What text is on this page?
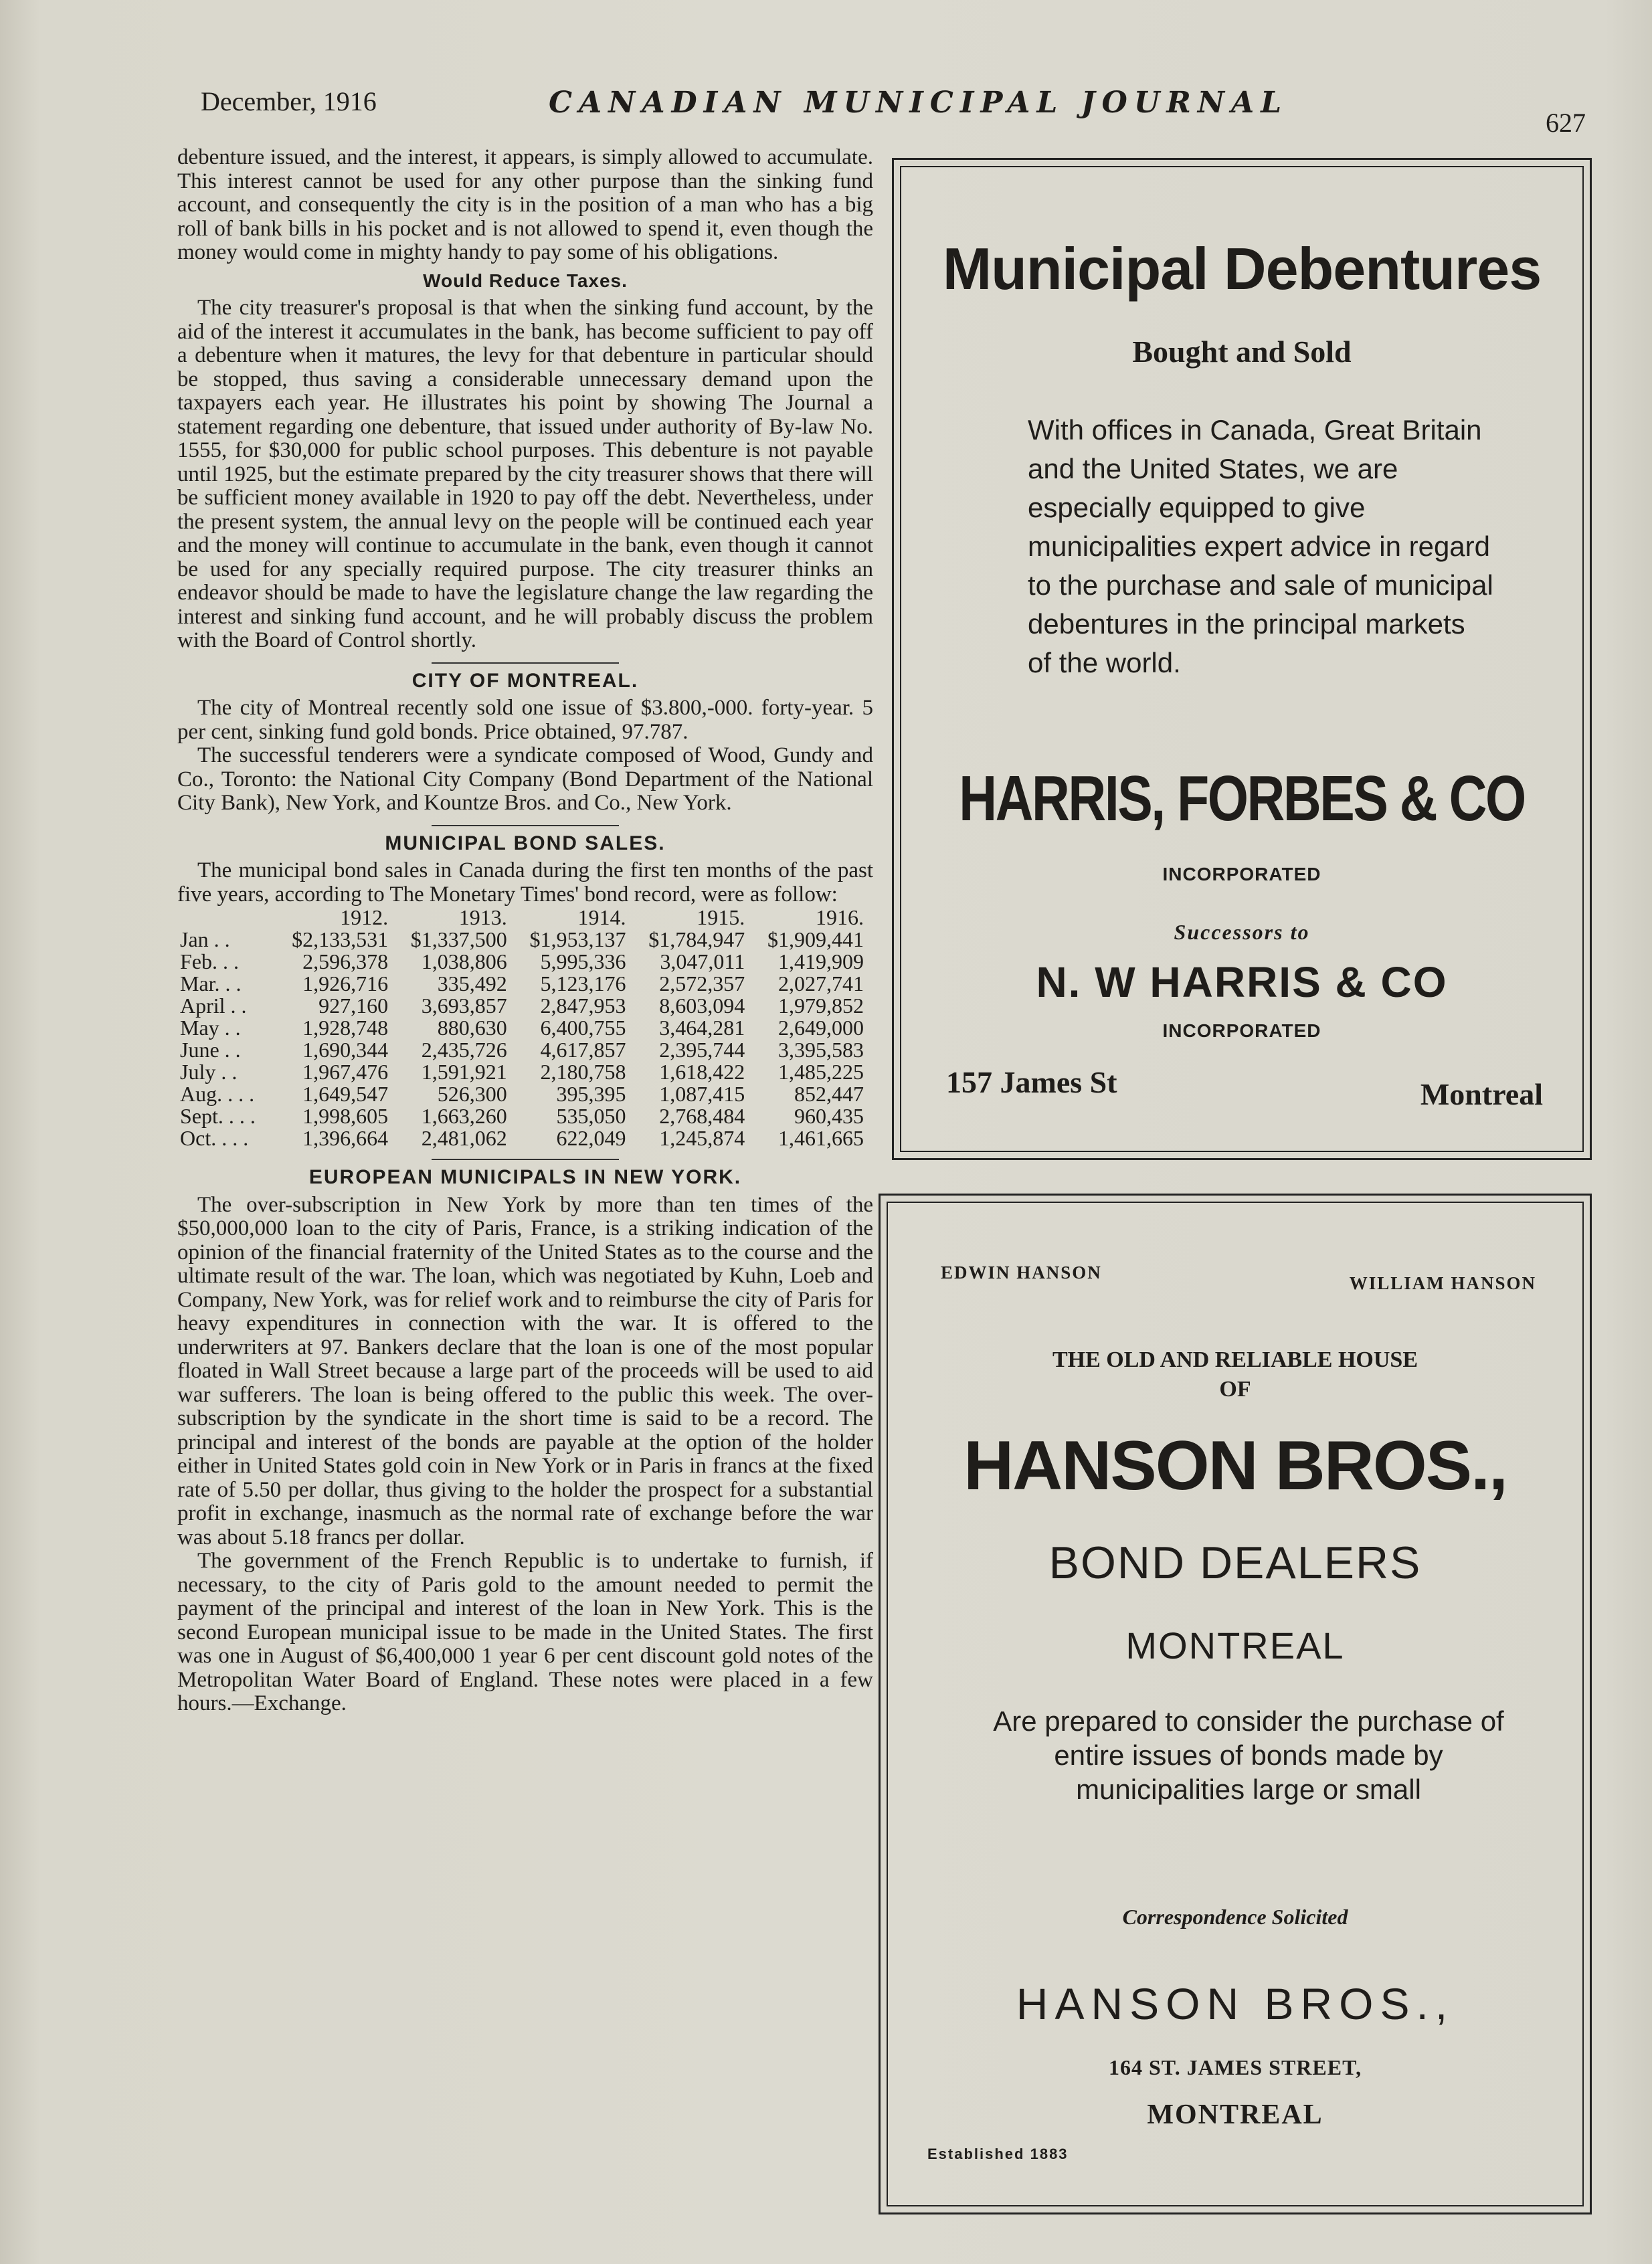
December, 1916	CANADIAN MUNICIPAL JOURNAL
627

debenture issued, and the interest, it appears, is simply allowed to accumulate. This interest cannot be used for any other purpose than the sinking fund account, and consequently the city is in the position of a man who has a big roll of bank bills in his pocket and is not allowed to spend it, even though the money would come in mighty handy to pay some of his obligations.

Would Reduce Taxes.

The city treasurer's proposal is that when the sinking fund account, by the aid of the interest it accumulates in the bank, has become sufficient to pay off a debenture when it matures, the levy for that debenture in particular should be stopped, thus saving a considerable unnecessary demand upon the taxpayers each year. He illustrates his point by showing The Journal a statement regarding one debenture, that issued under authority of By-law No. 1555, for $30,000 for public school purposes. This debenture is not payable until 1925, but the estimate prepared by the city treasurer shows that there will be sufficient money available in 1920 to pay off the debt. Nevertheless, under the present system, the annual levy on the people will be continued each year and the money will continue to accumulate in the bank, even though it cannot be used for any specially required purpose. The city treasurer thinks an endeavor should be made to have the legislature change the law regarding the interest and sinking fund account, and he will probably discuss the problem with the Board of Control shortly.

CITY OF MONTREAL.

The city of Montreal recently sold one issue of $3.800,-000. forty-year. 5 per cent, sinking fund gold bonds. Price obtained, 97.787.

The successful tenderers were a syndicate composed of Wood, Gundy and Co., Toronto: the National City Company (Bond Department of the National City Bank), New York, and Kountze Bros. and Co., New York.

MUNICIPAL BOND SALES.

The municipal bond sales in Canada during the first ten months of the past five years, according to The Monetary Times' bond record, were as follow:

	1912.	1913.	1914.	1915.	1916.
Jan . .	$2,133,531	$1,337,500	$1,953,137	$1,784,947	$1,909,441
Feb. . .	2,596,378	1,038,806	5,995,336	3,047,011	1,419,909
Mar. . .	1,926,716	335,492	5,123,176	2,572,357	2,027,741
April . .	927,160	3,693,857	2,847,953	8,603,094	1,979,852
May . .	1,928,748	880,630	6,400,755	3,464,281	2,649,000
June . .	1,690,344	2,435,726	4,617,857	2,395,744	3,395,583
July . .	1,967,476	1,591,921	2,180,758	1,618,422	1,485,225
Aug. . . .	1,649,547	526,300	395,395	1,087,415	852,447
Sept. . . .	1,998,605	1,663,260	535,050	2,768,484	960,435
Oct. . . .	1,396,664	2,481,062	622,049	1,245,874	1,461,665
EUROPEAN MUNICIPALS IN NEW YORK.

The over-subscription in New York by more than ten times of the $50,000,000 loan to the city of Paris, France, is a striking indication of the opinion of the financial fraternity of the United States as to the course and the ultimate result of the war. The loan, which was negotiated by Kuhn, Loeb and Company, New York, was for relief work and to reimburse the city of Paris for heavy expenditures in connection with the war. It is offered to the underwriters at 97. Bankers declare that the loan is one of the most popular floated in Wall Street because a large part of the proceeds will be used to aid war sufferers. The loan is being offered to the public this week. The over-subscription by the syndicate in the short time is said to be a record. The principal and interest of the bonds are payable at the option of the holder either in United States gold coin in New York or in Paris in francs at the fixed rate of 5.50 per dollar, thus giving to the holder the prospect for a substantial profit in exchange, inasmuch as the normal rate of exchange before the war was about 5.18 francs per dollar.

The government of the French Republic is to undertake to furnish, if necessary, to the city of Paris gold to the amount needed to permit the payment of the principal and interest of the loan in New York. This is the second European municipal issue to be made in the United States. The first was one in August of $6,400,000 1 year 6 per cent discount gold notes of the Metropolitan Water Board of England. These notes were placed in a few hours.—Exchange.

Municipal Debentures
Bought and Sold
With offices in Canada, Great Britain and the United States, we are especially equipped to give municipalities expert advice in regard to the purchase and sale of municipal debentures in the principal markets of the world.
HARRIS, FORBES & CO
INCORPORATED
Successors to
N. W HARRIS & CO
INCORPORATED
157 James St	Montreal
EDWIN HANSON
WILLIAM HANSON
THE OLD AND RELIABLE HOUSE
OF
HANSON BROS.,
BOND DEALERS
MONTREAL
Are prepared to consider the purchase of entire issues of bonds made by municipalities large or small
Correspondence Solicited
HANSON BROS.,
164 ST. JAMES STREET,
MONTREAL
Established 1883
